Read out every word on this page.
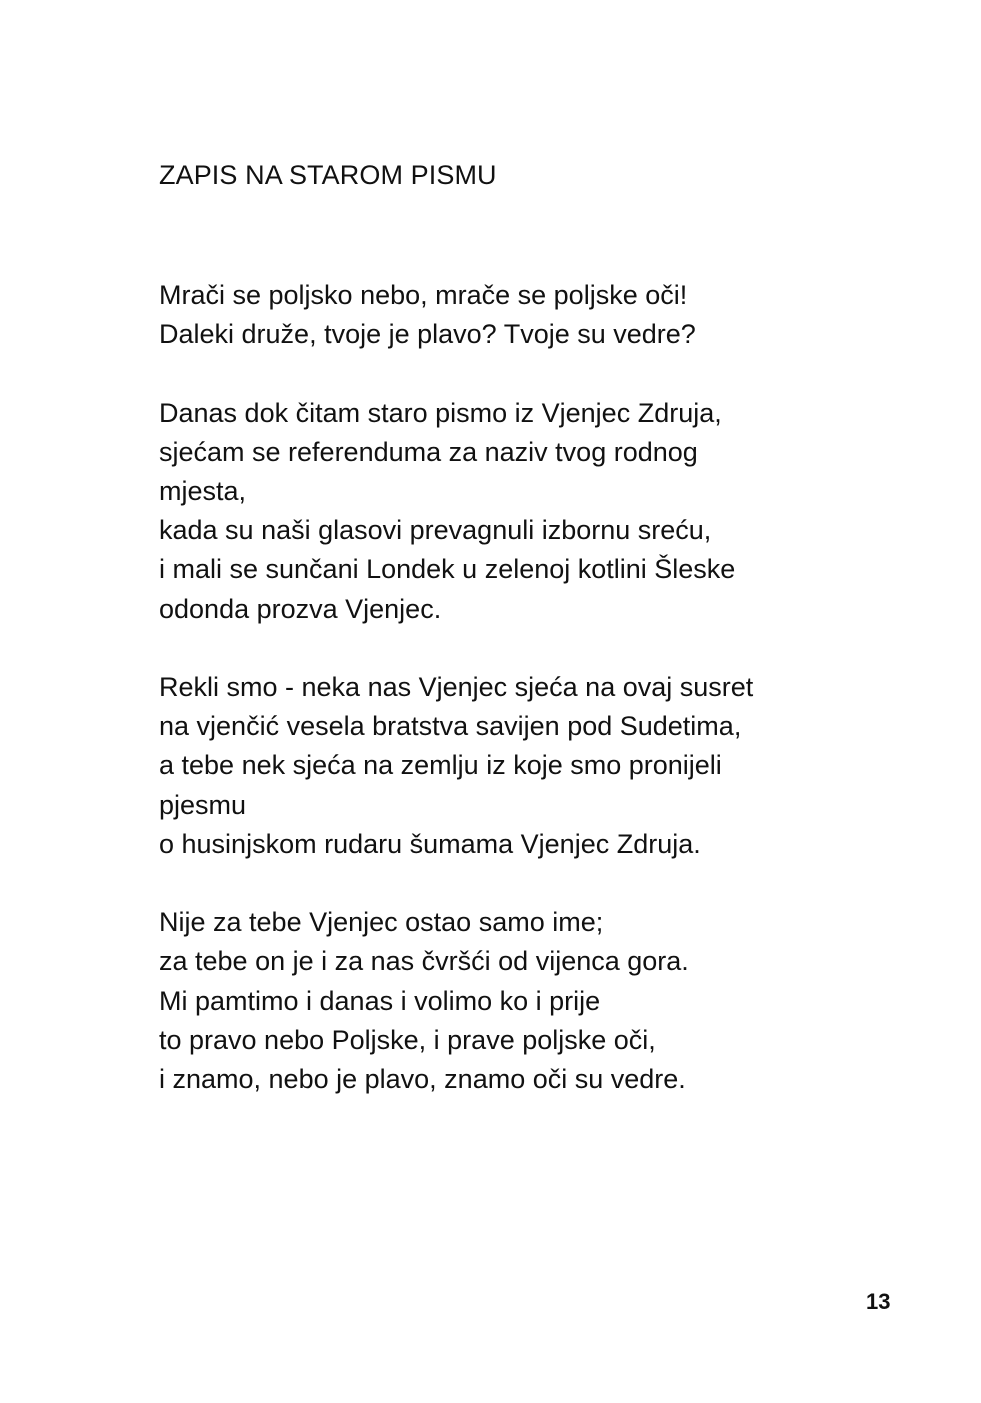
ZAPIS NA STAROM PISMU
Mrači se poljsko nebo, mrače se poljske oči!
Daleki druže, tvoje je plavo? Tvoje su vedre?
Danas dok čitam staro pismo iz Vjenjec Zdruja,
sjećam se referenduma za naziv tvog rodnog
mjesta,
kada su naši glasovi prevagnuli izbornu sreću,
i mali se sunčani Londek u zelenoj kotlini Šleske
odonda prozva Vjenjec.
Rekli smo - neka nas Vjenjec sjeća na ovaj susret
na vjenčić vesela bratstva savijen pod Sudetima,
a tebe nek sjeća na zemlju iz koje smo pronijeli
pjesmu
o husinjskom rudaru šumama Vjenjec Zdruja.
Nije za tebe Vjenjec ostao samo ime;
za tebe on je i za nas čvršći od vijenca gora.
Mi pamtimo i danas i volimo ko i prije
to pravo nebo Poljske, i prave poljske oči,
i znamo, nebo je plavo, znamo oči su vedre.
13
